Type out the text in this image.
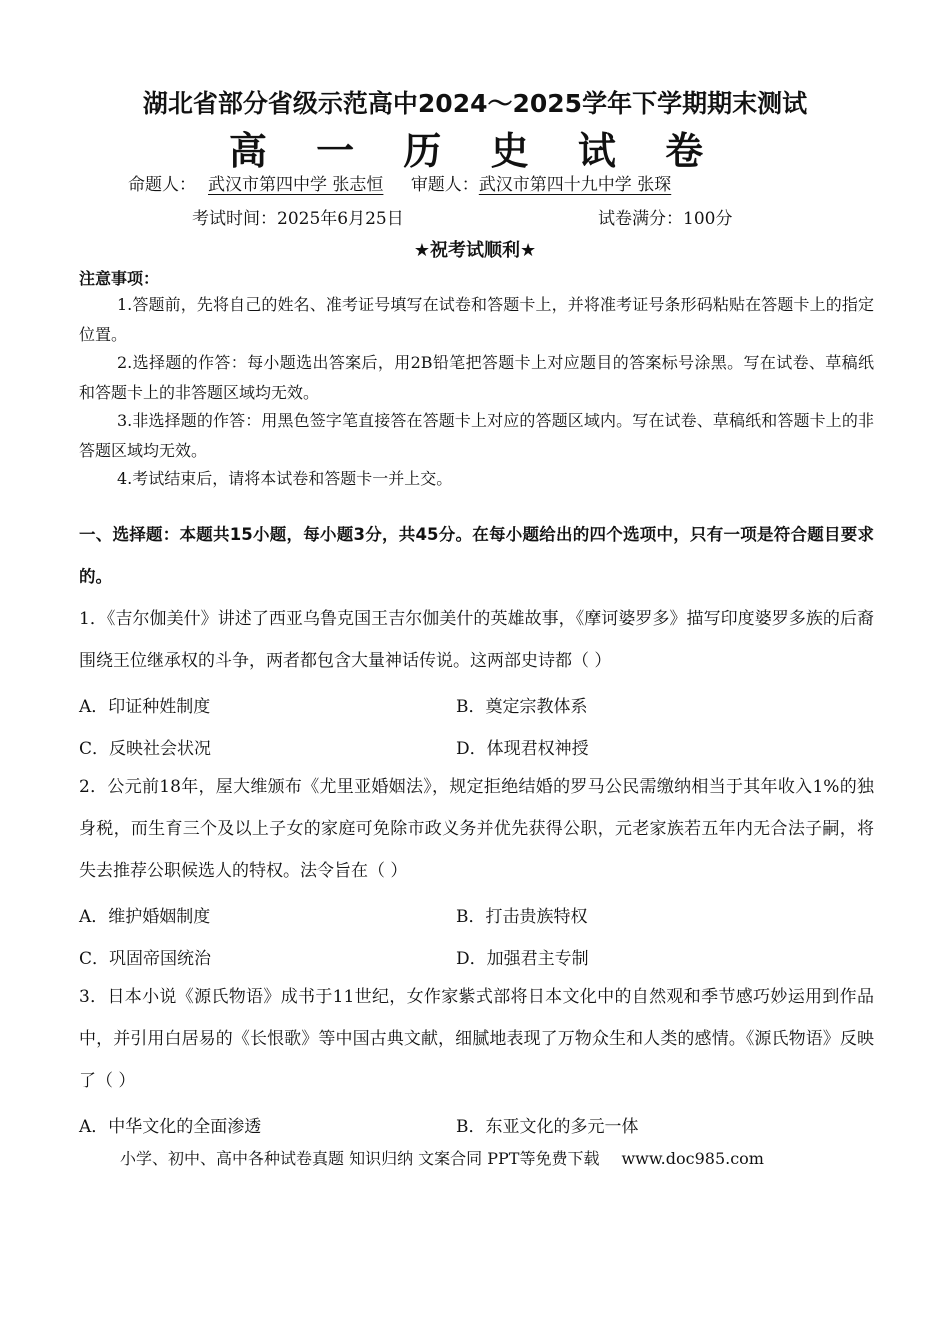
湖北省部分省级示范高中2024～2025学年下学期期末测试
高 一 历 史 试 卷
命题人： 武汉市第四中学 张志恒 审题人：武汉市第四十九中学 张琛
考试时间：2025年6月25日	试卷满分：100分
★祝考试顺利★
注意事项：
1.答题前，先将自己的姓名、准考证号填写在试卷和答题卡上，并将准考证号条形码粘贴在答题卡上的指定位置。
2.选择题的作答：每小题选出答案后，用2B铅笔把答题卡上对应题目的答案标号涂黑。写在试卷、草稿纸和答题卡上的非答题区域均无效。
3.非选择题的作答：用黑色签字笔直接答在答题卡上对应的答题区域内。写在试卷、草稿纸和答题卡上的非答题区域均无效。
4.考试结束后，请将本试卷和答题卡一并上交。
一、选择题：本题共15小题，每小题3分，共45分。在每小题给出的四个选项中，只有一项是符合题目要求的。
1．《吉尔伽美什》讲述了西亚乌鲁克国王吉尔伽美什的英雄故事，《摩诃婆罗多》描写印度婆罗多族的后裔围绕王位继承权的斗争，两者都包含大量神话传说。这两部史诗都（ ）
A．印证种姓制度	B．奠定宗教体系
C．反映社会状况	D．体现君权神授
2．公元前18年，屋大维颁布《尤里亚婚姻法》，规定拒绝结婚的罗马公民需缴纳相当于其年收入1%的独身税，而生育三个及以上子女的家庭可免除市政义务并优先获得公职，元老家族若五年内无合法子嗣，将失去推荐公职候选人的特权。法令旨在（ ）
A．维护婚姻制度	B．打击贵族特权
C．巩固帝国统治	D．加强君主专制
3．日本小说《源氏物语》成书于11世纪，女作家紫式部将日本文化中的自然观和季节感巧妙运用到作品中，并引用白居易的《长恨歌》等中国古典文献，细腻地表现了万物众生和人类的感情。《源氏物语》反映了（ ）
A．中华文化的全面渗透	B．东亚文化的多元一体
小学、初中、高中各种试卷真题 知识归纳 文案合同 PPT等免费下载 www.doc985.com
